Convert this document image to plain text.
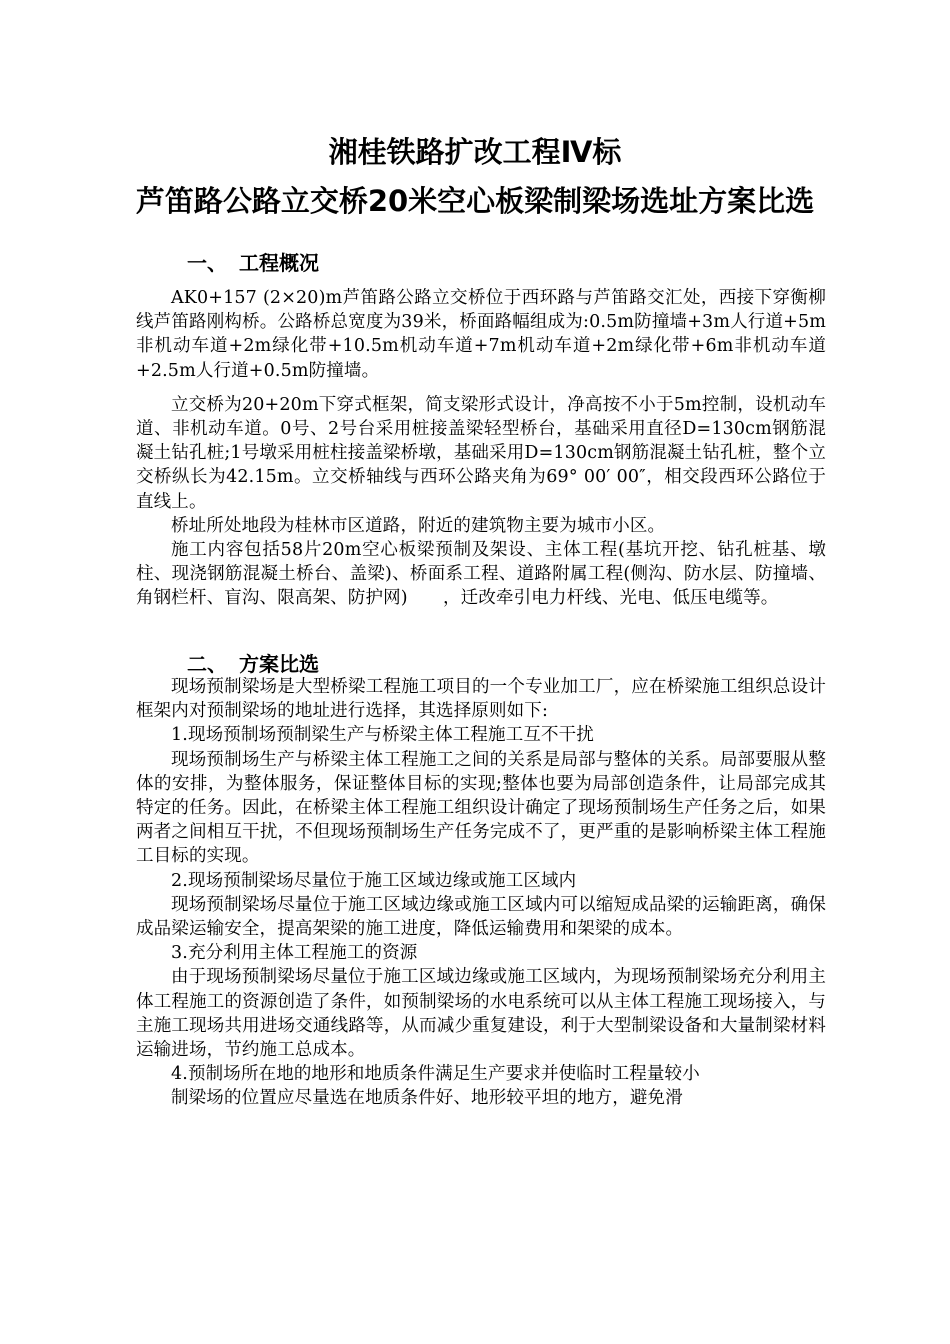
湘桂铁路扩改工程Ⅳ标
芦笛路公路立交桥20米空心板梁制梁场选址方案比选
一、 工程概况

AK0+157 (2×20)m芦笛路公路立交桥位于西环路与芦笛路交汇处，西接下穿衡柳线芦笛路刚构桥。公路桥总宽度为39米，桥面路幅组成为:0.5m防撞墙+3m人行道+5m非机动车道+2m绿化带+10.5m机动车道+7m机动车道+2m绿化带+6m非机动车道+2.5m人行道+0.5m防撞墙。

立交桥为20+20m下穿式框架，简支梁形式设计，净高按不小于5m控制，设机动车道、非机动车道。0号、2号台采用桩接盖梁轻型桥台，基础采用直径D=130cm钢筋混凝土钻孔桩;1号墩采用桩柱接盖梁桥墩，基础采用D=130cm钢筋混凝土钻孔桩，整个立交桥纵长为42.15m。立交桥轴线与西环公路夹角为69° 00′ 00″，相交段西环公路位于直线上。

桥址所处地段为桂林市区道路，附近的建筑物主要为城市小区。

施工内容包括58片20m空心板梁预制及架设、主体工程(基坑开挖、钻孔桩基、墩柱、现浇钢筋混凝土桥台、盖梁)、桥面系工程、道路附属工程(侧沟、防水层、防撞墙、角钢栏杆、盲沟、限高架、防护网)　　，迁改牵引电力杆线、光电、低压电缆等。

二、 方案比选

现场预制梁场是大型桥梁工程施工项目的一个专业加工厂，应在桥梁施工组织总设计框架内对预制梁场的地址进行选择，其选择原则如下:

1.现场预制场预制梁生产与桥梁主体工程施工互不干扰

现场预制场生产与桥梁主体工程施工之间的关系是局部与整体的关系。局部要服从整体的安排，为整体服务，保证整体目标的实现;整体也要为局部创造条件，让局部完成其特定的任务。因此，在桥梁主体工程施工组织设计确定了现场预制场生产任务之后，如果两者之间相互干扰，不但现场预制场生产任务完成不了，更严重的是影响桥梁主体工程施工目标的实现。

2.现场预制梁场尽量位于施工区域边缘或施工区域内

现场预制梁场尽量位于施工区域边缘或施工区域内可以缩短成品梁的运输距离，确保成品梁运输安全，提高架梁的施工进度，降低运输费用和架梁的成本。

3.充分利用主体工程施工的资源

由于现场预制梁场尽量位于施工区域边缘或施工区域内，为现场预制梁场充分利用主体工程施工的资源创造了条件，如预制梁场的水电系统可以从主体工程施工现场接入，与主施工现场共用进场交通线路等，从而减少重复建设，利于大型制梁设备和大量制梁材料运输进场，节约施工总成本。

4.预制场所在地的地形和地质条件满足生产要求并使临时工程量较小

制梁场的位置应尽量选在地质条件好、地形较平坦的地方，避免滑
